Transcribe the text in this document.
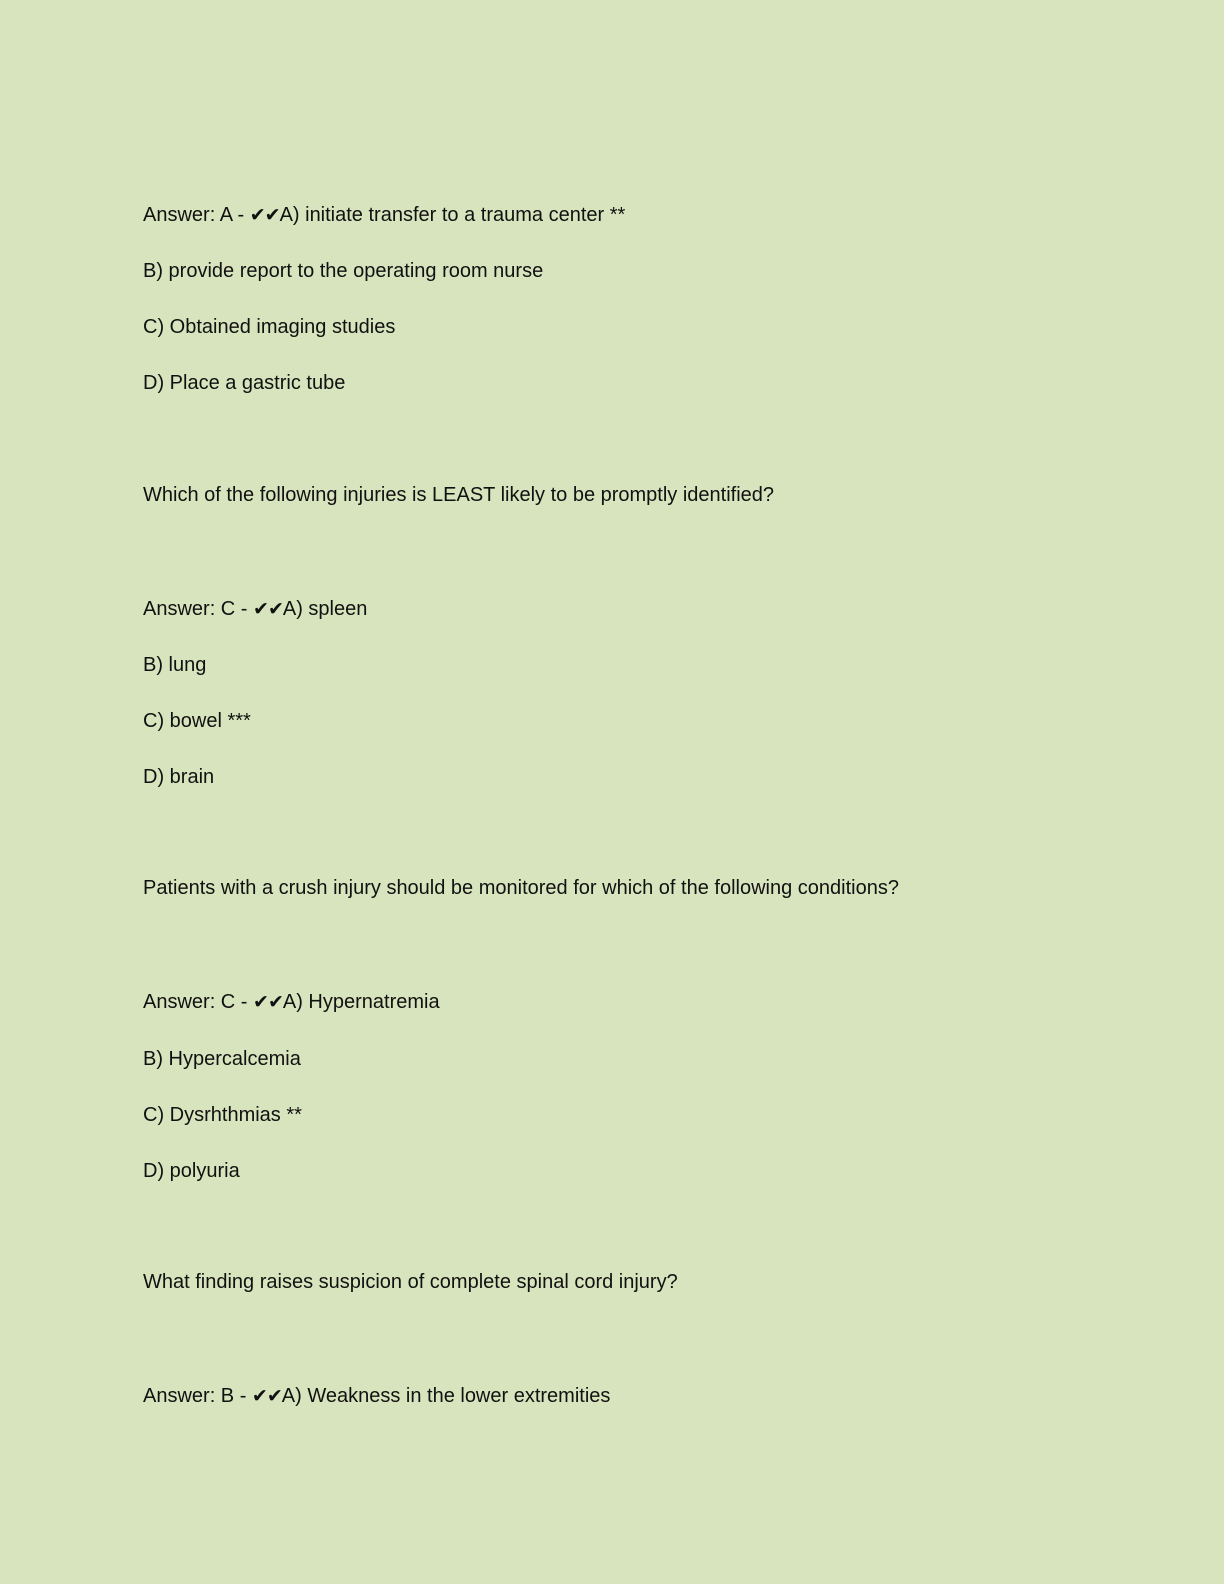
Answer: A - ✔✔A) initiate transfer to a trauma center **
B) provide report to the operating room nurse
C) Obtained imaging studies
D) Place a gastric tube
Which of the following injuries is LEAST likely to be promptly identified?
Answer: C - ✔✔A) spleen
B) lung
C) bowel ***
D) brain
Patients with a crush injury should be monitored for which of the following conditions?
Answer: C - ✔✔A) Hypernatremia
B) Hypercalcemia
C) Dysrhthmias **
D) polyuria
What finding raises suspicion of complete spinal cord injury?
Answer: B - ✔✔A) Weakness in the lower extremities
